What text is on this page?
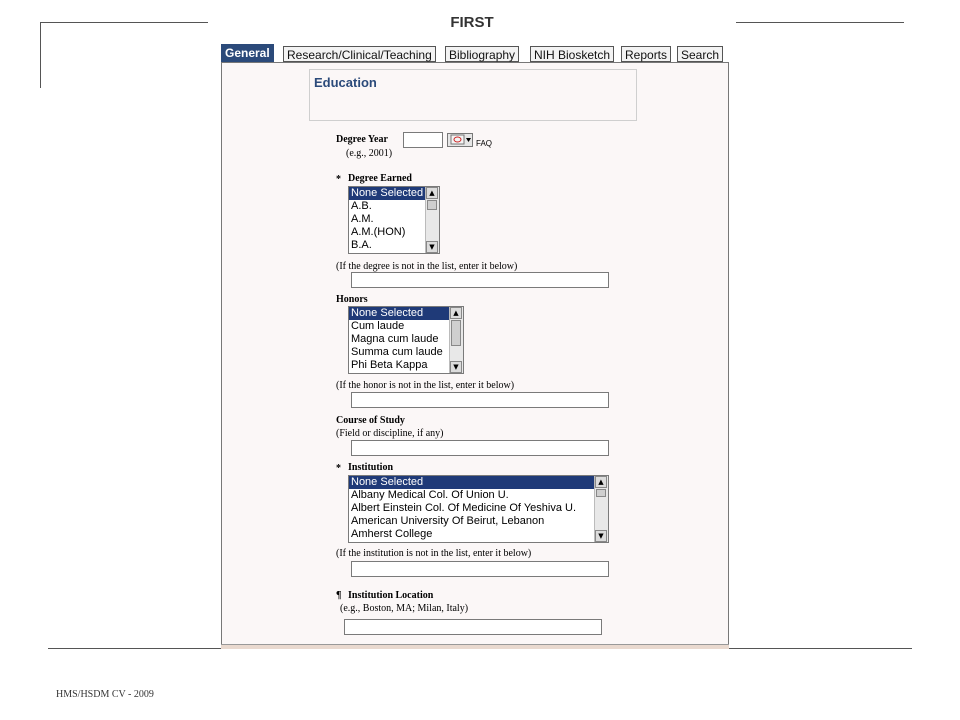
FIRST
General	Research/Clinical/Teaching	Bibliography	NIH Biosketch	Reports	Search
Education
Degree Year
(e.g., 2001)
FAQ
* Degree Earned
None Selected
A.B.
A.M.
A.M.(HON)
B.A.
▲
▼
(If the degree is not in the list, enter it below)
Honors
None Selected
Cum laude
Magna cum laude
Summa cum laude
Phi Beta Kappa
▲
▼
(If the honor is not in the list, enter it below)
Course of Study
(Field or discipline, if any)
* Institution
None Selected
Albany Medical Col. Of Union U.
Albert Einstein Col. Of Medicine Of Yeshiva U.
American University Of Beirut, Lebanon
Amherst College
▲
▼
(If the institution is not in the list, enter it below)
¶ Institution Location
(e.g., Boston, MA; Milan, Italy)
HMS/HSDM CV - 2009
